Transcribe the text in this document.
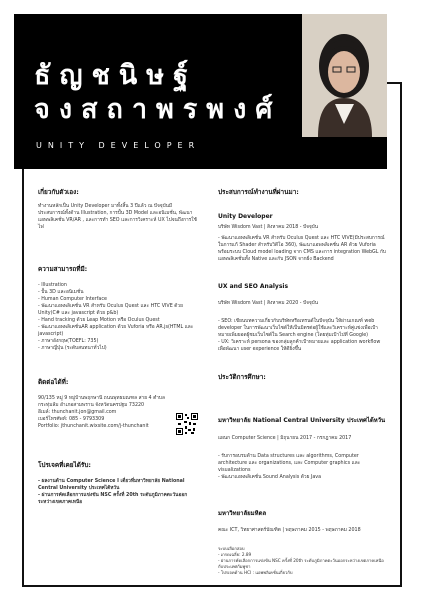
ธัญชนิษฐ์
จงสถาพรพงศ์
UNITY DEVELOPER

เกี่ยวกับตัวเอง:

ทำงานหลักเป็น Unity Developer มาทั้งสิ้น 3 ปีแล้ว ณ ปัจจุบันมีประสบการณ์ทั้งด้าน Illustration, การปั้น 3D Model และอนิเมชั่น, พัฒนาแอพพลิเคชั่น VR/AR , และการทำ SEO และการวิเคราะห์ UX ไปจนถึงการใช้ไฟ

ความสามารถที่มี:

- Illustration

- ปั้น 3D และอนิเมชั่น

- Human Computer Interface

- พัฒนาแอพพลิเคชั่น VR สำหรับ Oculus Quest และ HTC VIVE ด้วย Unity(C# และ javascript ด้วย p&b)

- Hand tracking ด้วย Leap Motion หรือ Oculus Quest

- พัฒนาแอพพลิเคชั่นAR application ด้วย Vuforia หรือ AR.js(HTML และ javascript)

- ภาษาอังกฤษ(TOEFL: 735)

- ภาษาญี่ปุ่น (ระดับสนทนาทั่วไป)

ติดต่อได้ที่:

90/135 หมู่ 9 หมู่บ้านพฤกษานี ถนนพุทธมณฑล สาย 4 ตำบล กระทุ่มล้ม อำเภอสามพราน จังหวัดนครปฐม 73220

อีเมล์: thunchanit.jon@gmail.com

เบอร์โทรศัพท์: 085 - 9793309

Portfolio: jthunchanit.wixsite.com/j-thunchanit

โปรเจคที่เคยได้รับ:

- ผลงานด้าน Computer Science I เดี่ยวที่มหาวิทยาลัย National Central University ประเทศไต้หวัน

- ผ่านการคัดเลือกการแข่งขัน NSC ครั้งที่ 20th ระดับภูมิภาคตะวันออกระหว่างเขตภาคเหนือ

ประสบการณ์ทำงานที่ผ่านมา:

Unity Developer

บริษัท Wisdom Vast | สิงหาคม 2018 - ปัจจุบัน

- พัฒนาแอพพลิเคชั่น VR สำหรับ Oculus Quest และ HTC VIVE(มีประสบการณ์ในการแก้ Shader สำหรับวิดีโอ 360), พัฒนาแอพพลิเคชั่น AR ด้วย Vuforia พร้อมระบบ Cloud model loading จาก CMS และการ integration WebGL กับแอพพลิเคชั่นทั้ง Native และกับ JSON จากฝั่ง Backend

UX and SEO Analysis

บริษัท Wisdom Vast | สิงหาคม 2020 - ปัจจุบัน

- SEO: เขียนบทความเกี่ยวกับบริษัทหรือเทรนด์ในปัจจุบัน ให้ผ่านเกณฑ์ web developer ในการพัฒนาเว็บไซต์ให้เป็นมิตรต่อผู้ใช้และวิเคราะห์คู่แข่งเพื่อเป้าหมายเพิ่มยอดผู้ชมเว็บไซต์ใน Search engine (โดยทุ่มเป้าไปที่ Google)
- UX: วิเคราะห์ persona ของกลุ่มลูกค้าเป้าหมายและ application workflow เพื่อพัฒนา user experience ให้ดียิ่งขึ้น

ประวัติการศึกษา:

มหาวิทยาลัย National Central University ประเทศไต้หวัน

แผนก Computer Science | มิถุนายน 2017 - กรกฎาคม 2017

- รับการอบรมด้าน Data structures และ algorithms, Computer architecture และ organizations, และ Computer graphics และ visualizations
- พัฒนาแอพพลิเคชั่น Sound Analysis ด้วย Java

มหาวิทยาลัยมหิดล

คณะ ICT, วิทยาศาสตร์บัณฑิต | พฤษภาคม 2015 - พฤษภาคม 2018

ระบบเลือกสอบ
- เกรดเฉลี่ย: 2.89
- ผ่านการคัดเลือกการแข่งขัน NSC ครั้งที่ 20th ระดับภูมิภาคตะวันออกระหว่างเขตภาคเหนือกับประเทศกัมพูชา
- โปรเจคด้าน HCI : แอพพลิเคชั่นเกี่ยวกับ
